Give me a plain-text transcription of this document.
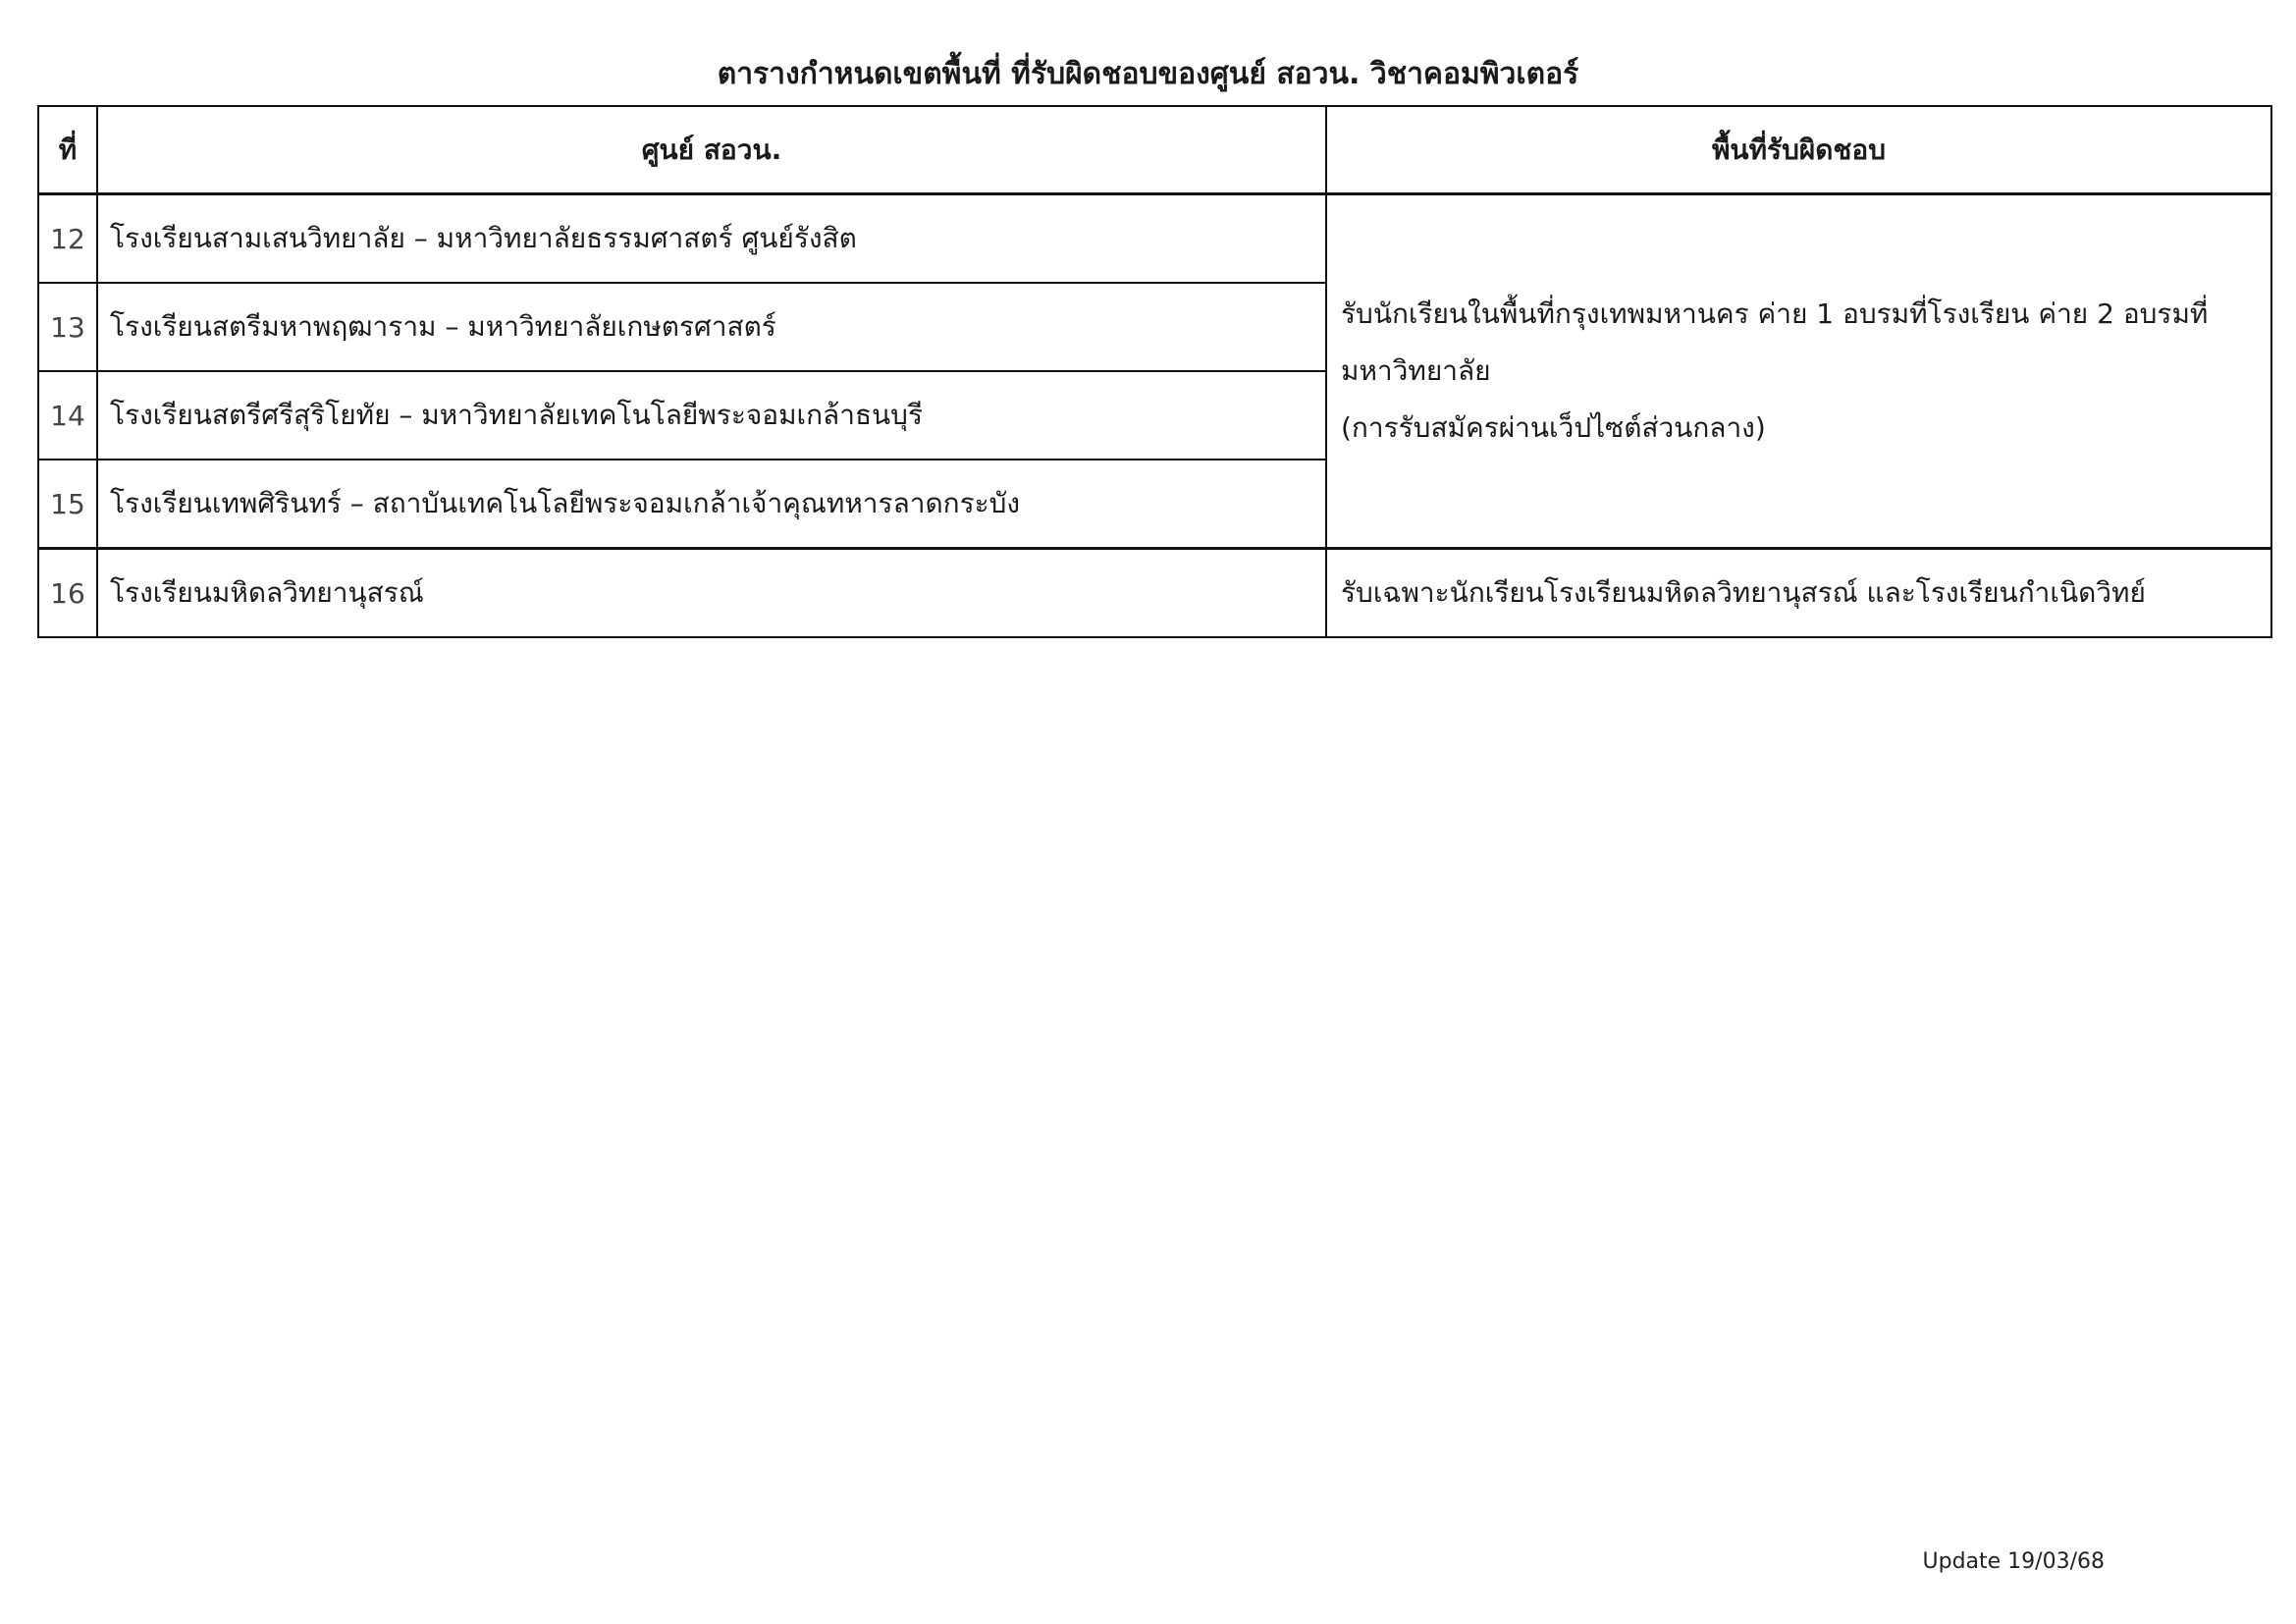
ตารางกำหนดเขตพื้นที่ ที่รับผิดชอบของศูนย์ สอวน. วิชาคอมพิวเตอร์
ที่	ศูนย์ สอวน.	พื้นที่รับผิดชอบ
12	โรงเรียนสามเสนวิทยาลัย – มหาวิทยาลัยธรรมศาสตร์ ศูนย์รังสิต	รับนักเรียนในพื้นที่กรุงเทพมหานคร ค่าย 1 อบรมที่โรงเรียน ค่าย 2 อบรมที่
มหาวิทยาลัย
(การรับสมัครผ่านเว็ปไซต์ส่วนกลาง)

13	โรงเรียนสตรีมหาพฤฒาราม – มหาวิทยาลัยเกษตรศาสตร์	
14	โรงเรียนสตรีศรีสุริโยทัย – มหาวิทยาลัยเทคโนโลยีพระจอมเกล้าธนบุรี	
15	โรงเรียนเทพศิรินทร์ – สถาบันเทคโนโลยีพระจอมเกล้าเจ้าคุณทหารลาดกระบัง	
16	โรงเรียนมหิดลวิทยานุสรณ์	รับเฉพาะนักเรียนโรงเรียนมหิดลวิทยานุสรณ์ และโรงเรียนกำเนิดวิทย์
Update 19/03/68
